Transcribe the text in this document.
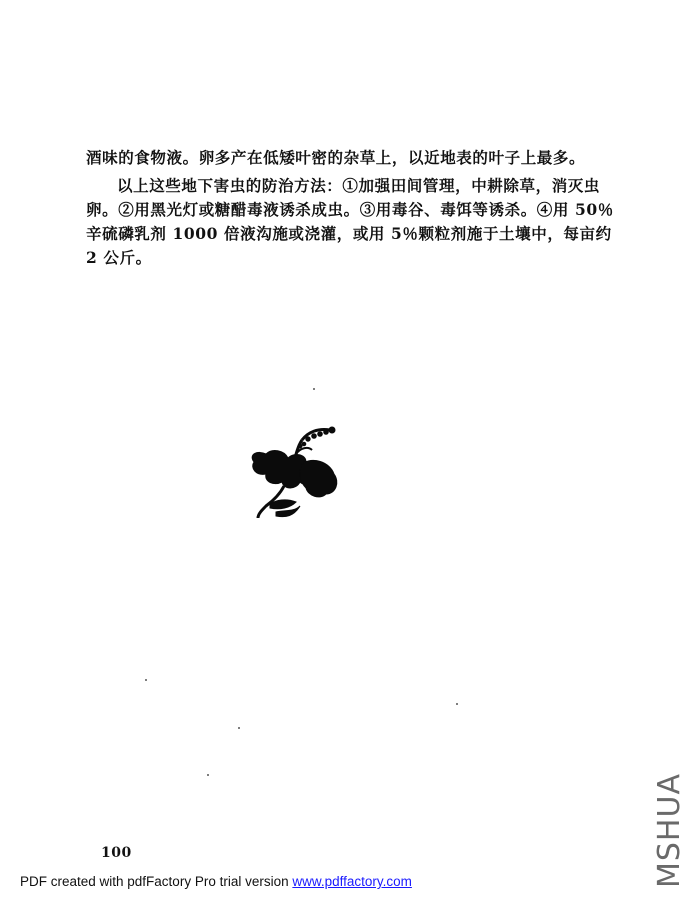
酒味的食物液。卵多产在低矮叶密的杂草上，以近地表的叶子上最多。

以上这些地下害虫的防治方法：①加强田间管理，中耕除草，消灭虫卵。②用黑光灯或糖醋毒液诱杀成虫。③用毒谷、毒饵等诱杀。④用 50％辛硫磷乳剂 1000 倍液沟施或浇灌，或用 5％颗粒剂施于土壤中，每亩约 2 公斤。

100
PDF created with pdfFactory Pro trial version www.pdffactory.com	MSHUA
